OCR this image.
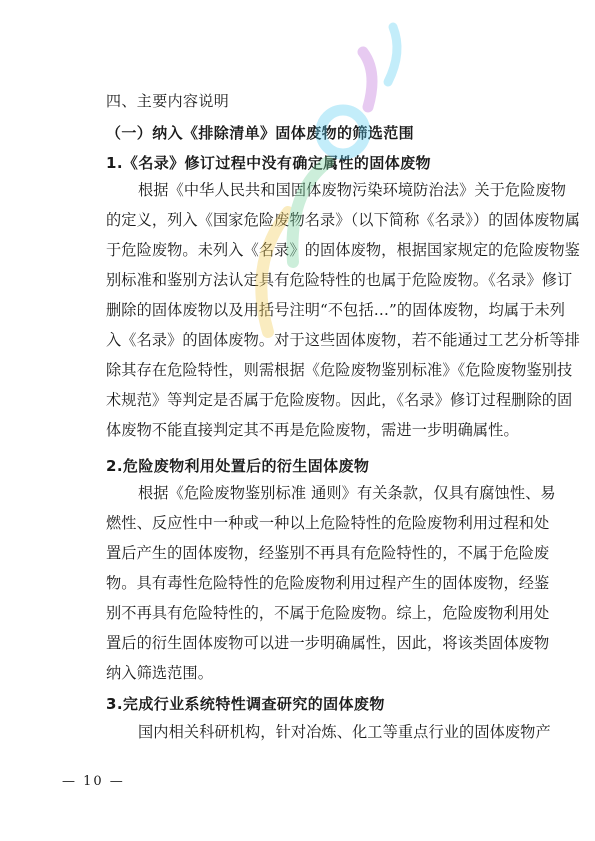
四、主要内容说明
（一）纳入《排除清单》固体废物的筛选范围
1.《名录》修订过程中没有确定属性的固体废物
根据《中华人民共和国固体废物污染环境防治法》关于危险废物
的定义，列入《国家危险废物名录》（以下简称《名录》）的固体废物属
于危险废物。未列入《名录》的固体废物，根据国家规定的危险废物鉴
别标准和鉴别方法认定具有危险特性的也属于危险废物。《名录》修订
删除的固体废物以及用括号注明“不包括…”的固体废物，均属于未列
入《名录》的固体废物。对于这些固体废物，若不能通过工艺分析等排
除其存在危险特性，则需根据《危险废物鉴别标准》《危险废物鉴别技
术规范》等判定是否属于危险废物。因此，《名录》修订过程删除的固
体废物不能直接判定其不再是危险废物，需进一步明确属性。
2.危险废物利用处置后的衍生固体废物
根据《危险废物鉴别标准 通则》有关条款，仅具有腐蚀性、易
燃性、反应性中一种或一种以上危险特性的危险废物利用过程和处
置后产生的固体废物，经鉴别不再具有危险特性的，不属于危险废
物。具有毒性危险特性的危险废物利用过程产生的固体废物，经鉴
别不再具有危险特性的，不属于危险废物。综上，危险废物利用处
置后的衍生固体废物可以进一步明确属性，因此，将该类固体废物
纳入筛选范围。
3.完成行业系统特性调查研究的固体废物
国内相关科研机构，针对冶炼、化工等重点行业的固体废物产
— 10 —
